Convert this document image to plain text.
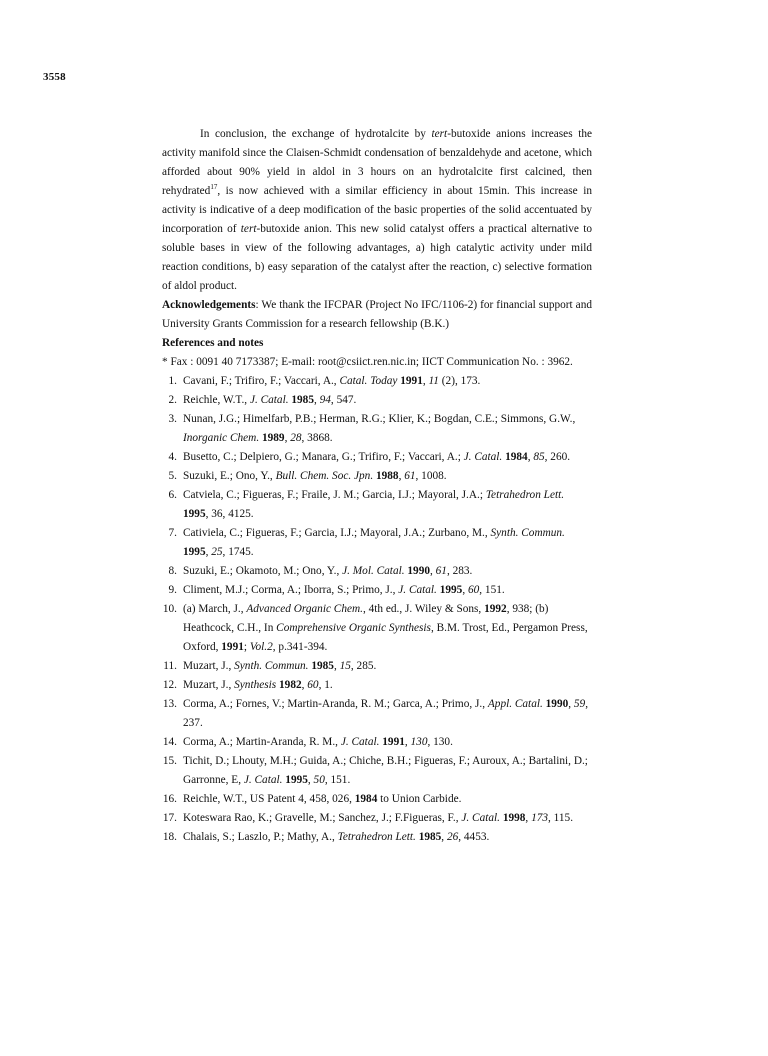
3558

In conclusion, the exchange of hydrotalcite by tert-butoxide anions increases the activity manifold since the Claisen-Schmidt condensation of benzaldehyde and acetone, which afforded about 90% yield in aldol in 3 hours on an hydrotalcite first calcined, then rehydrated$^{17}$, is now achieved with a similar efficiency in about 15min. This increase in activity is indicative of a deep modification of the basic properties of the solid accentuated by incorporation of tert-butoxide anion. This new solid catalyst offers a practical alternative to soluble bases in view of the following advantages, a) high catalytic activity under mild reaction conditions, b) easy separation of the catalyst after the reaction, c) selective formation of aldol product.

Acknowledgements: We thank the IFCPAR (Project No IFC/1106-2) for financial support and University Grants Commission for a research fellowship (B.K.)

References and notes

* Fax : 0091 40 7173387; E-mail: root@csiict.ren.nic.in; IICT Communication No. : 3962.

1. Cavani, F.; Trifiro, F.; Vaccari, A., Catal. Today 1991, 11 (2), 173.
2. Reichle, W.T., J. Catal. 1985, 94, 547.
3. Nunan, J.G.; Himelfarb, P.B.; Herman, R.G.; Klier, K.; Bogdan, C.E.; Simmons, G.W., Inorganic Chem. 1989, 28, 3868.
4. Busetto, C.; Delpiero, G.; Manara, G.; Trifiro, F.; Vaccari, A.; J. Catal. 1984, 85, 260.
5. Suzuki, E.; Ono, Y., Bull. Chem. Soc. Jpn. 1988, 61, 1008.
6. Catviela, C.; Figueras, F.; Fraile, J. M.; Garcia, I.J.; Mayoral, J.A.; Tetrahedron Lett. 1995, 36, 4125.
7. Cativiela, C.; Figueras, F.; Garcia, I.J.; Mayoral, J.A.; Zurbano, M., Synth. Commun. 1995, 25, 1745.
8. Suzuki, E.; Okamoto, M.; Ono, Y., J. Mol. Catal. 1990, 61, 283.
9. Climent, M.J.; Corma, A.; Iborra, S.; Primo, J., J. Catal. 1995, 60, 151.
10. (a) March, J., Advanced Organic Chem., 4th ed., J. Wiley & Sons, 1992, 938; (b) Heathcock, C.H., In Comprehensive Organic Synthesis, B.M. Trost, Ed., Pergamon Press, Oxford, 1991; Vol.2, p.341-394.
11. Muzart, J., Synth. Commun. 1985, 15, 285.
12. Muzart, J., Synthesis 1982, 60, 1.
13. Corma, A.; Fornes, V.; Martin-Aranda, R. M.; Garca, A.; Primo, J., Appl. Catal. 1990, 59, 237.
14. Corma, A.; Martin-Aranda, R. M., J. Catal. 1991, 130, 130.
15. Tichit, D.; Lhouty, M.H.; Guida, A.; Chiche, B.H.; Figueras, F.; Auroux, A.; Bartalini, D.; Garronne, E, J. Catal. 1995, 50, 151.
16. Reichle, W.T., US Patent 4, 458, 026, 1984 to Union Carbide.
17. Koteswara Rao, K.; Gravelle, M.; Sanchez, J.; F.Figueras, F., J. Catal. 1998, 173, 115.
18. Chalais, S.; Laszlo, P.; Mathy, A., Tetrahedron Lett. 1985, 26, 4453.
